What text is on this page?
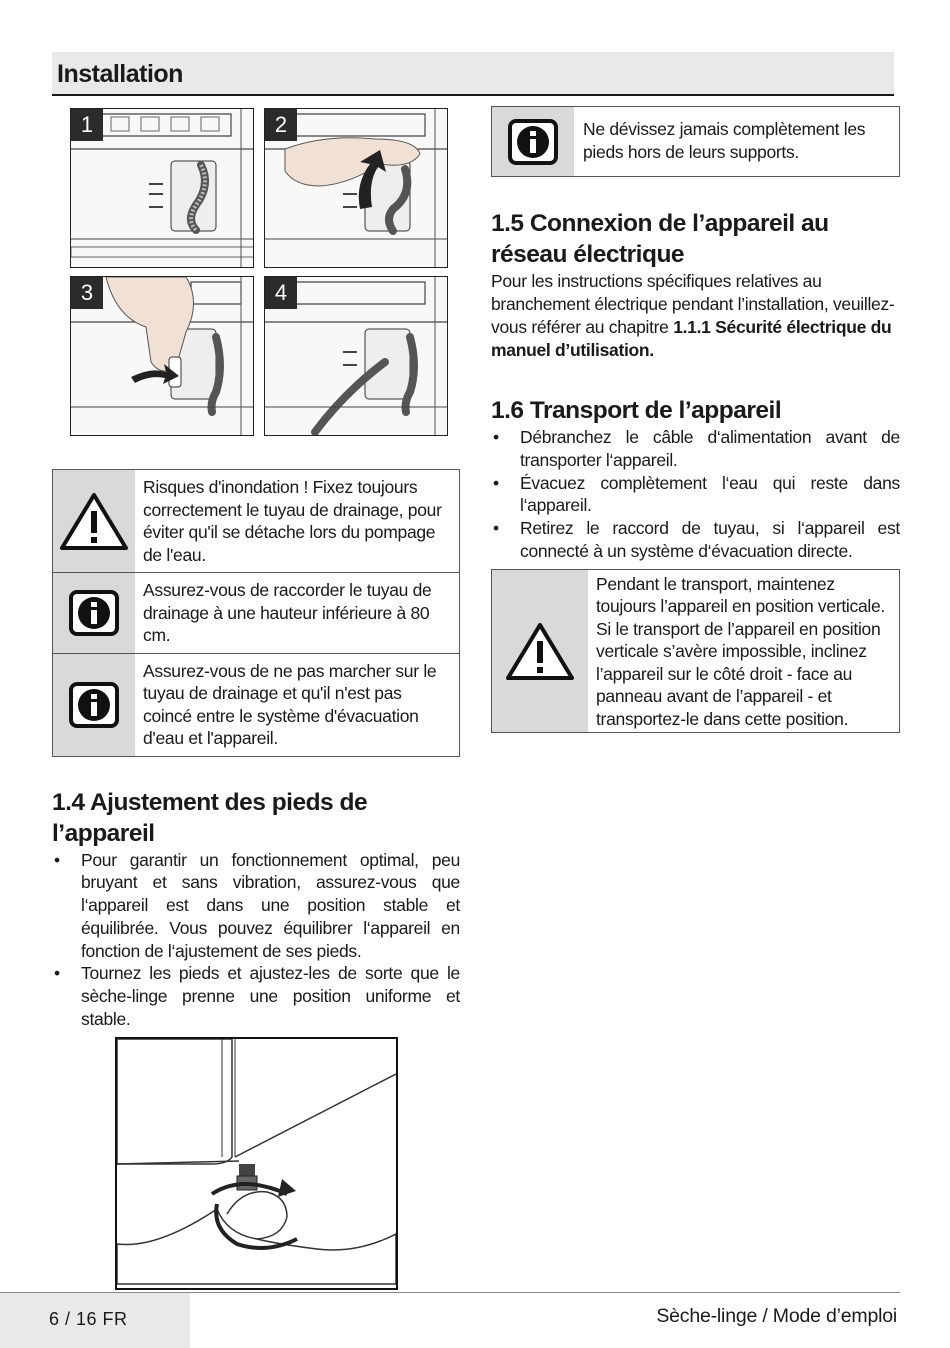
Installation
1	2
3	4
Risques d'inondation ! Fixez toujours correctement le tuyau de drainage, pour éviter qu'il se détache lors du pompage de l'eau.
Assurez-vous de raccorder le tuyau de drainage à une hauteur inférieure à 80 cm.
Assurez-vous de ne pas marcher sur le tuyau de drainage et qu'il n'est pas coincé entre le système d'évacuation d'eau et l'appareil.
1.4 Ajustement des pieds de l’appareil
• Pour garantir un fonctionnement optimal, peu bruyant et sans vibration, assurez-vous que l‘appareil est dans une position stable et équilibrée. Vous pouvez équilibrer l‘appareil en fonction de l‘ajustement de ses pieds.
• Tournez les pieds et ajustez-les de sorte que le sèche-linge prenne une position uniforme et stable.
Ne dévissez jamais complètement les pieds hors de leurs supports.
1.5 Connexion de l’appareil au réseau électrique

Pour les instructions spécifiques relatives au branchement électrique pendant l’installation, veuillez-vous référer au chapitre 1.1.1 Sécurité électrique du manuel d’utilisation.

1.6 Transport de l’appareil
• Débranchez le câble d‘alimentation avant de transporter l‘appareil.
• Évacuez complètement l‘eau qui reste dans l‘appareil.
• Retirez le raccord de tuyau, si l‘appareil est connecté à un système d‘évacuation directe.
Pendant le transport, maintenez toujours l’appareil en position verticale. Si le transport de l’appareil en position verticale s’avère impossible, inclinez l’appareil sur le côté droit - face au panneau avant de l’appareil - et transportez-le dans cette position.
6 / 16 FR	Sèche-linge / Mode d’emploi
